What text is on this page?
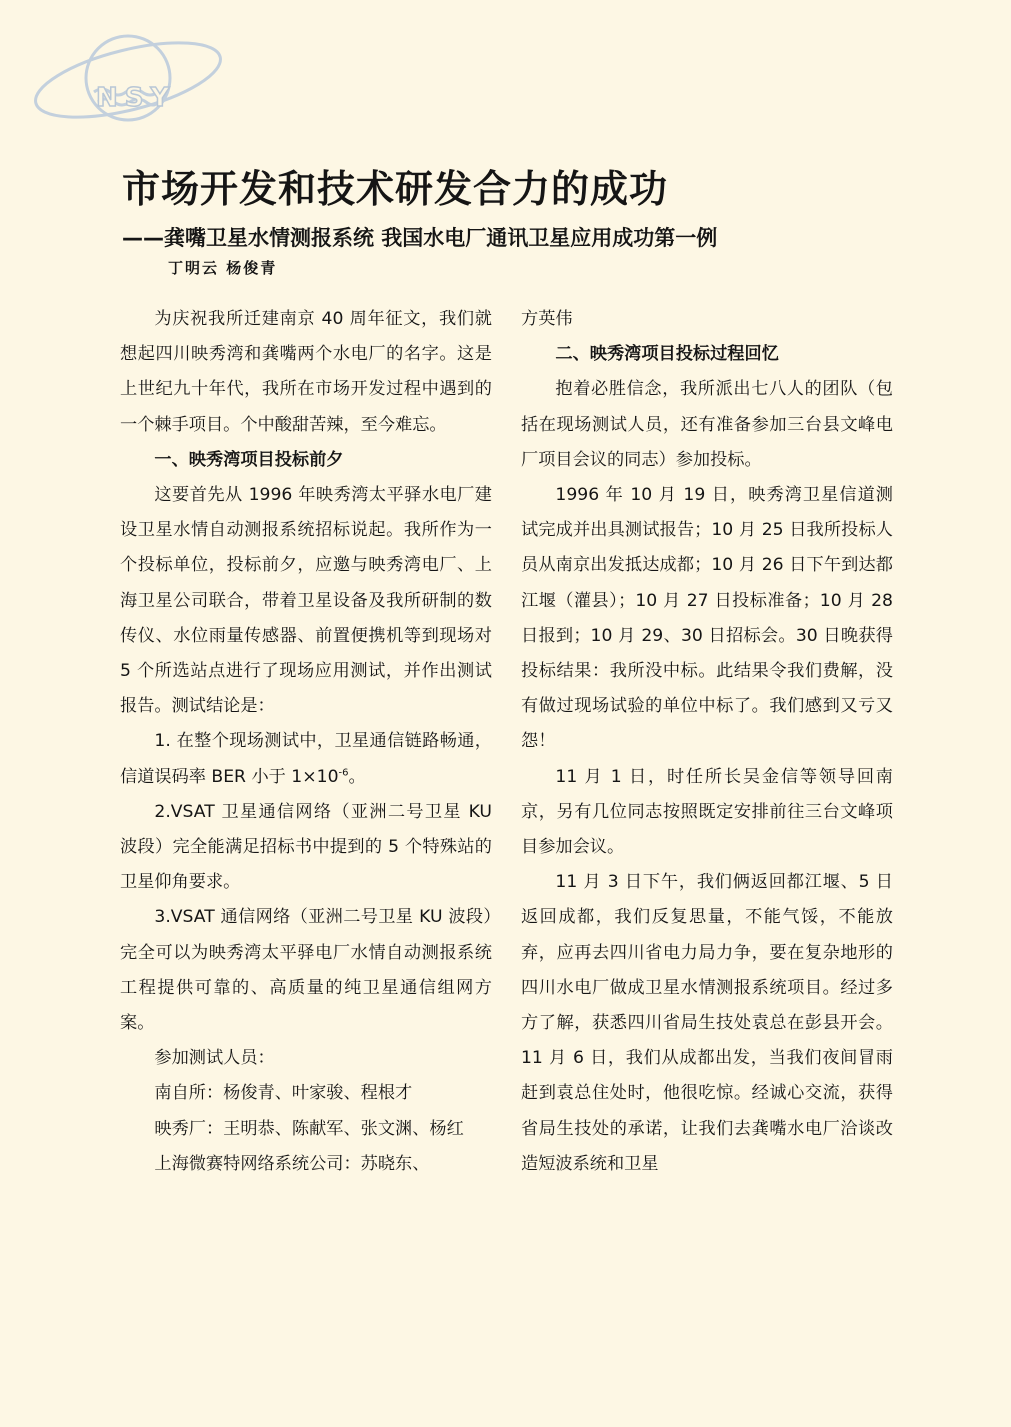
NSY
市场开发和技术研发合力的成功
——龚嘴卫星水情测报系统 我国水电厂通讯卫星应用成功第一例
丁明云 杨俊青

为庆祝我所迁建南京 40 周年征文，我们就想起四川映秀湾和龚嘴两个水电厂的名字。这是上世纪九十年代，我所在市场开发过程中遇到的一个棘手项目。个中酸甜苦辣，至今难忘。

一、映秀湾项目投标前夕

这要首先从 1996 年映秀湾太平驿水电厂建设卫星水情自动测报系统招标说起。我所作为一个投标单位，投标前夕，应邀与映秀湾电厂、上海卫星公司联合，带着卫星设备及我所研制的数传仪、水位雨量传感器、前置便携机等到现场对 5 个所选站点进行了现场应用测试，并作出测试报告。测试结论是：

1. 在整个现场测试中，卫星通信链路畅通，信道误码率 BER 小于 $1\times 10^{-6}$。

2.VSAT 卫星通信网络（亚洲二号卫星 KU 波段）完全能满足招标书中提到的 5 个特殊站的卫星仰角要求。

3.VSAT 通信网络（亚洲二号卫星 KU 波段）完全可以为映秀湾太平驿电厂水情自动测报系统工程提供可靠的、高质量的纯卫星通信组网方案。

参加测试人员：

南自所：杨俊青、叶家骏、程根才

映秀厂：王明恭、陈献军、张文渊、杨红

上海微赛特网络系统公司：苏晓东、

方英伟

二、映秀湾项目投标过程回忆

抱着必胜信念，我所派出七八人的团队（包括在现场测试人员，还有准备参加三台县文峰电厂项目会议的同志）参加投标。

1996 年 10 月 19 日，映秀湾卫星信道测试完成并出具测试报告；10 月 25 日我所投标人员从南京出发抵达成都；10 月 26 日下午到达都江堰（灌县）；10 月 27 日投标准备；10 月 28 日报到；10 月 29、30 日招标会。30 日晚获得投标结果：我所没中标。此结果令我们费解，没有做过现场试验的单位中标了。我们感到又亏又怨！

11 月 1 日，时任所长吴金信等领导回南京，另有几位同志按照既定安排前往三台文峰项目参加会议。

11 月 3 日下午，我们俩返回都江堰、5 日返回成都，我们反复思量，不能气馁，不能放弃，应再去四川省电力局力争，要在复杂地形的四川水电厂做成卫星水情测报系统项目。经过多方了解，获悉四川省局生技处袁总在彭县开会。11 月 6 日，我们从成都出发，当我们夜间冒雨赶到袁总住处时，他很吃惊。经诚心交流，获得省局生技处的承诺，让我们去龚嘴水电厂洽谈改造短波系统和卫星
